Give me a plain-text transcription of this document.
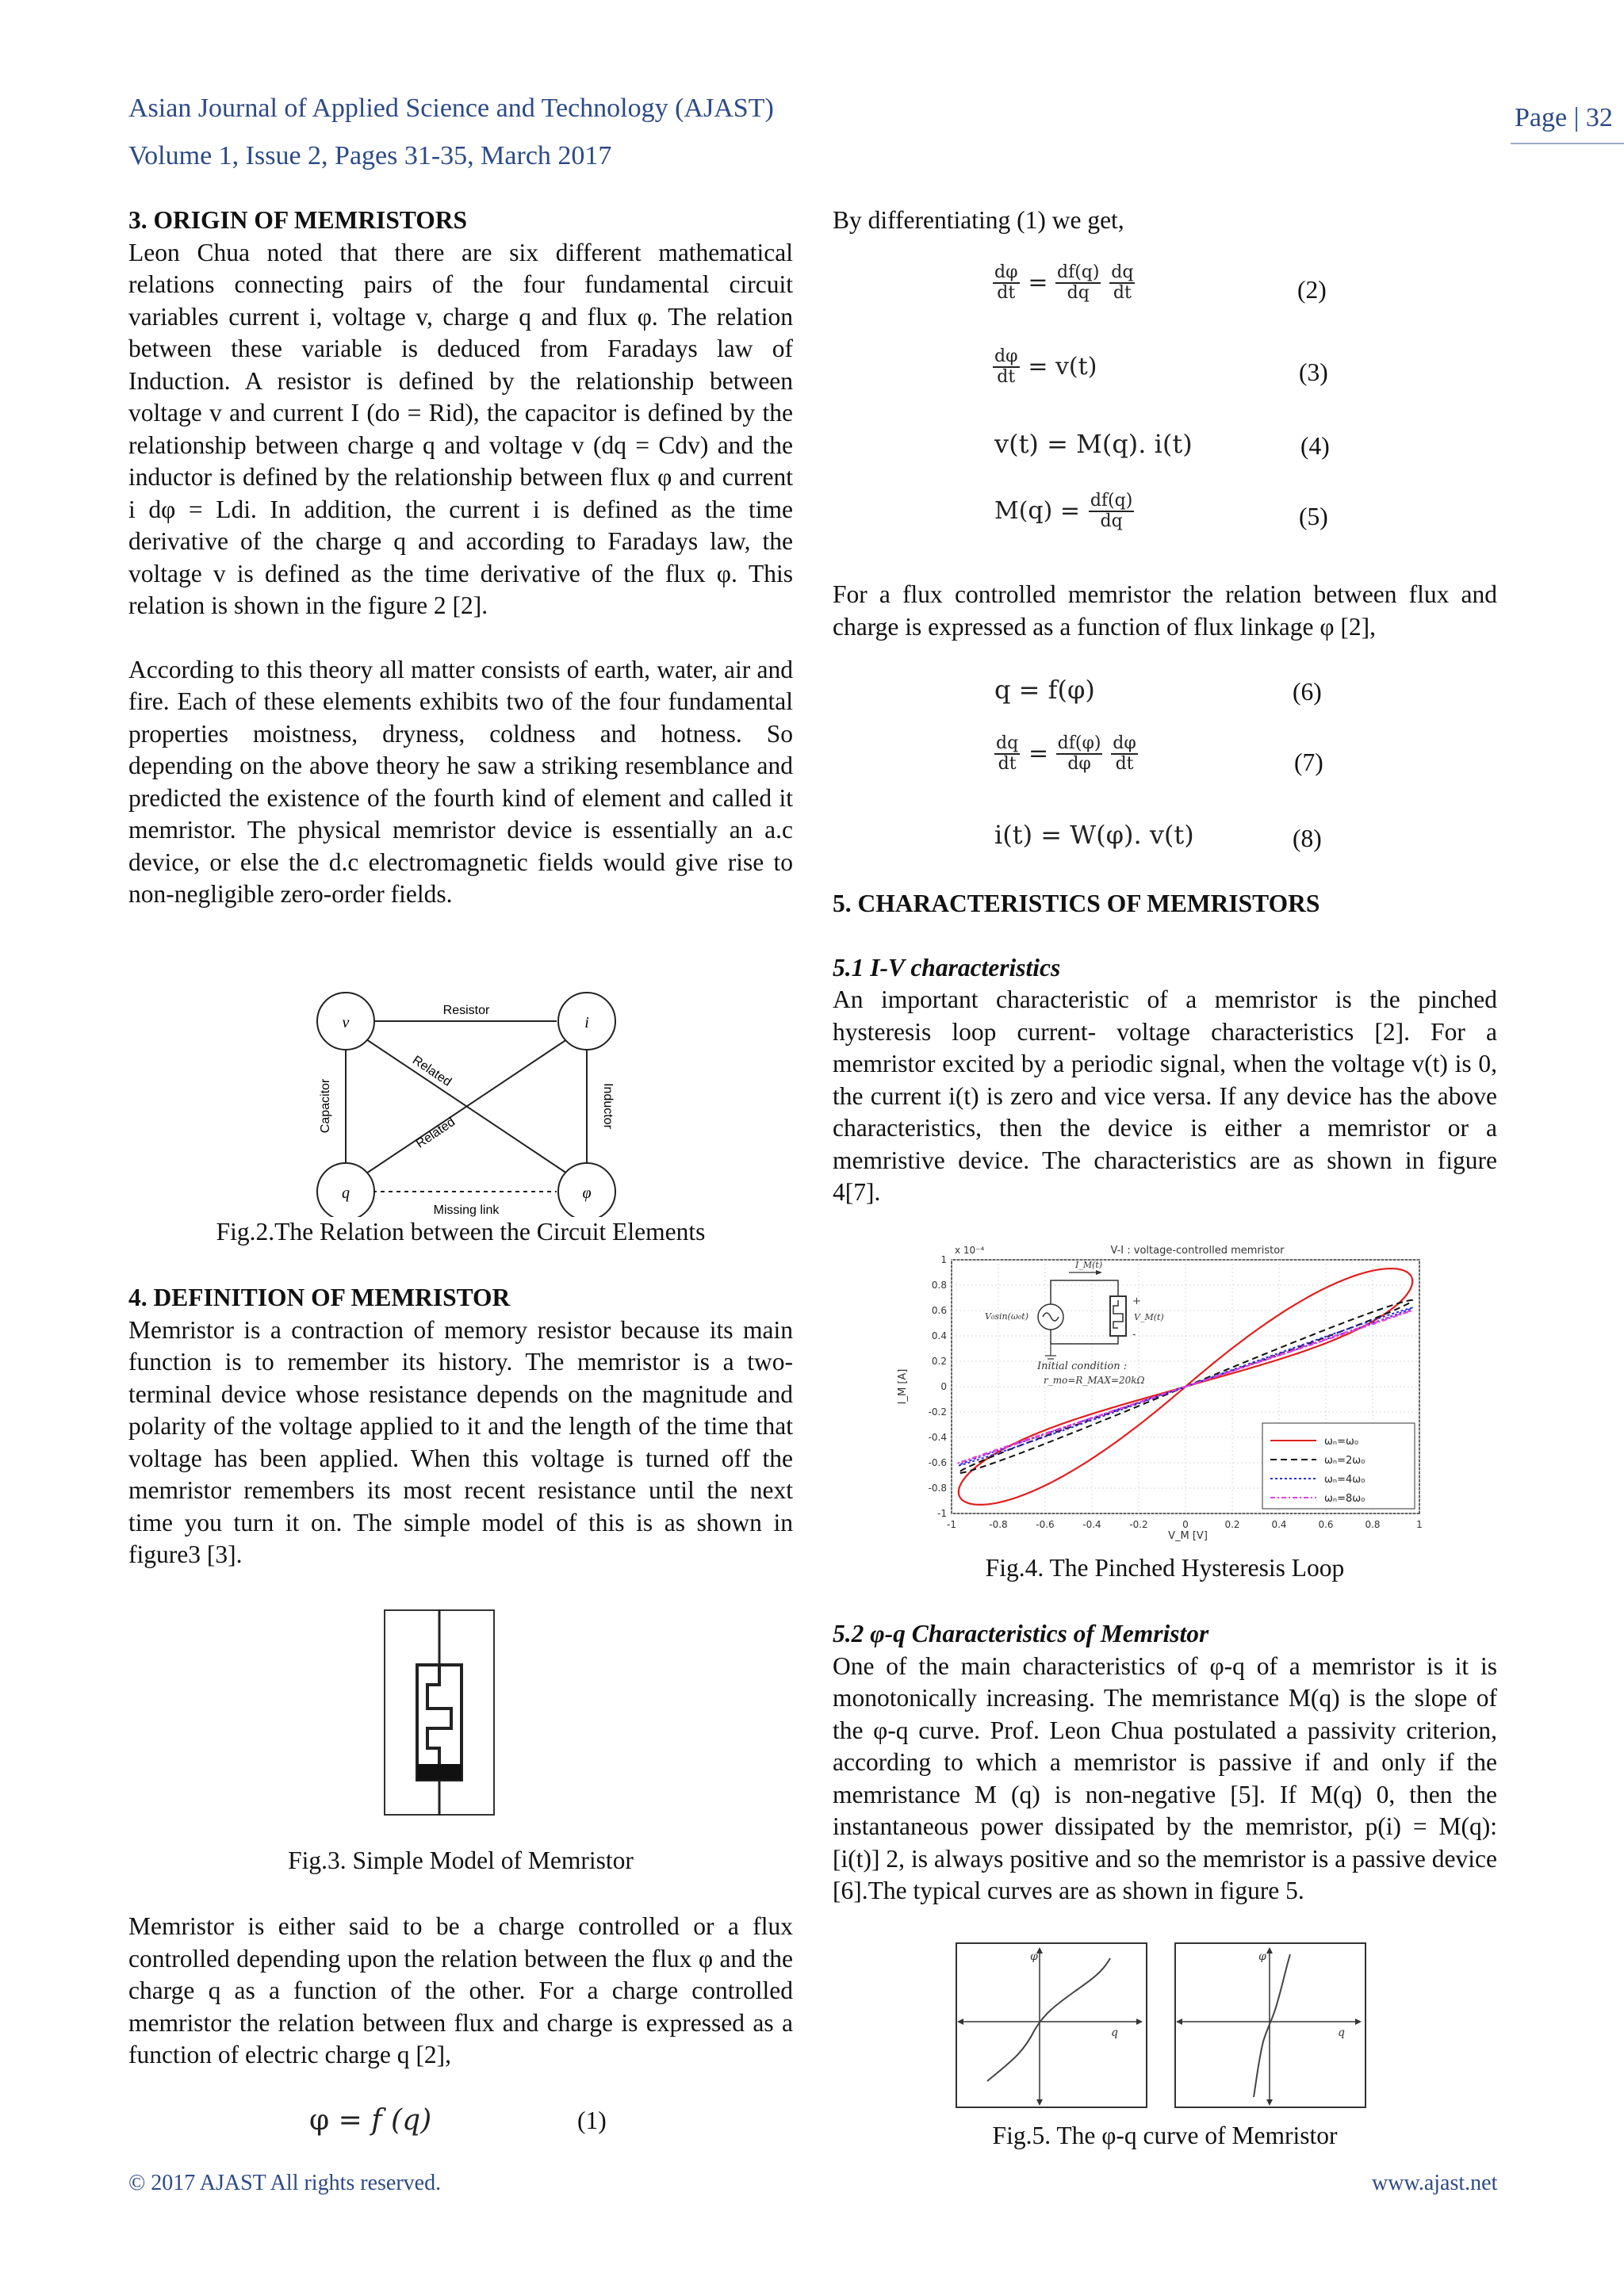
Asian Journal of Applied Science and Technology (AJAST)
Volume 1, Issue 2, Pages 31-35, March 2017
Page | 32

3. ORIGIN OF MEMRISTORS

Leon Chua noted that there are six different mathematical relations connecting pairs of the four fundamental circuit variables current i, voltage v, charge q and flux φ. The relation between these variable is deduced from Faradays law of Induction. A resistor is defined by the relationship between voltage v and current I (do = Rid), the capacitor is defined by the relationship between charge q and voltage v (dq = Cdv) and the inductor is defined by the relationship between flux φ and current i dφ = Ldi. In addition, the current i is defined as the time derivative of the charge q and according to Faradays law, the voltage v is defined as the time derivative of the flux φ. This relation is shown in the figure 2 [2].

According to this theory all matter consists of earth, water, air and fire. Each of these elements exhibits two of the four fundamental properties moistness, dryness, coldness and hotness. So depending on the above theory he saw a striking resemblance and predicted the existence of the fourth kind of element and called it memristor. The physical memristor device is essentially an a.c device, or else the d.c electromagnetic fields would give rise to non-negligible zero-order fields.

v	i
q	φ
Resistor
Missing link
Capacitor	Inductor
Related
Related
Fig.2.The Relation between the Circuit Elements

4. DEFINITION OF MEMRISTOR

Memristor is a contraction of memory resistor because its main function is to remember its history. The memristor is a two-terminal device whose resistance depends on the magnitude and polarity of the voltage applied to it and the length of the time that voltage has been applied. When this voltage is turned off the memristor remembers its most recent resistance until the next time you turn it on. The simple model of this is as shown in figure3 [3].

Fig.3. Simple Model of Memristor

Memristor is either said to be a charge controlled or a flux controlled depending upon the relation between the flux φ and the charge q as a function of the other. For a charge controlled memristor the relation between flux and charge is expressed as a function of electric charge q [2],

φ = f (q)	(1)

By differentiating (1) we get,

$\frac{d\varphi}{dt} = \frac{df(q)}{dq}$
$\frac{dq}{dt}$	(2)
$\frac{d\varphi}{dt} = v(t)$	(3)
v(t) = M(q). i(t)	(4)
$M(q) = \frac{df(q)}{dq}$	(5)

For a flux controlled memristor the relation between flux and charge is expressed as a function of flux linkage φ [2],

q = f(φ)	(6)
$\frac{dq}{dt} = \frac{df(\varphi)}{d\varphi}$
$\frac{d\varphi}{dt}$	(7)
i(t) = W(φ). v(t)	(8)

5. CHARACTERISTICS OF MEMRISTORS

5.1 I-V characteristics

An important characteristic of a memristor is the pinched hysteresis loop current- voltage characteristics [2]. For a memristor excited by a periodic signal, when the voltage v(t) is 0, the current i(t) is zero and vice versa. If any device has the above characteristics, then the device is either a memristor or a memristive device. The characteristics are as shown in figure 4[7].

-1	-0.8	-0.6	-0.4	-0.2	0	0.2	0.4	0.6	0.8	1
1
0.8
0.6
0.4
0.2
0
-0.2
-0.4
-0.6
-0.8
-1
V-I : voltage-controlled memristor
x 10⁻⁴
V_M [V]
I_M [A]
I_M(t)
V₀sin(ω₀t)	V_M(t)
+
-
Initial condition :
r_mo=R_MAX=20kΩ
ωₙ=ω₀
ωₙ=2ω₀
ωₙ=4ω₀
ωₙ=8ω₀
Fig.4. The Pinched Hysteresis Loop

5.2 φ-q Characteristics of Memristor

One of the main characteristics of φ-q of a memristor is it is monotonically increasing. The memristance M(q) is the slope of the φ-q curve. Prof. Leon Chua postulated a passivity criterion, according to which a memristor is passive if and only if the memristance M (q) is non-negative [5]. If M(q) 0, then the instantaneous power dissipated by the memristor, p(i) = M(q):[i(t)] 2, is always positive and so the memristor is a passive device [6].The typical curves are as shown in figure 5.

φ
q
φ
q
Fig.5. The φ-q curve of Memristor
© 2017 AJAST All rights reserved.	www.ajast.net
